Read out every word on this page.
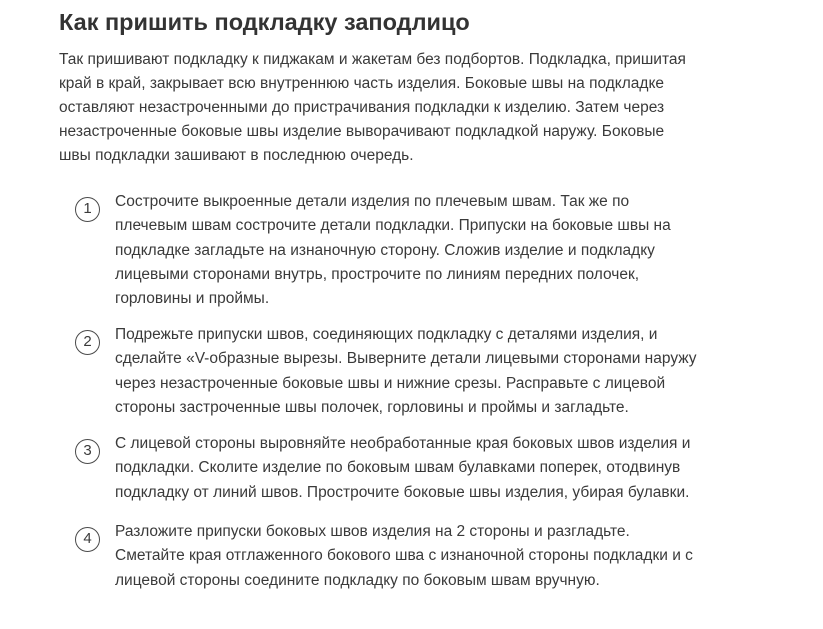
Как пришить подкладку заподлицо

Так пришивают подкладку к пиджакам и жакетам без подбортов. Подкладка, пришитая
край в край, закрывает всю внутреннюю часть изделия. Боковые швы на подкладке
оставляют незастроченными до пристрачивания подкладки к изделию. Затем через
незастроченные боковые швы изделие выворачивают подкладкой наружу. Боковые
швы подкладки зашивают в последнюю очередь.

1	Сострочите выкроенные детали изделия по плечевым швам. Так же по
плечевым швам сострочите детали подкладки. Припуски на боковые швы на
подкладке загладьте на изнаночную сторону. Сложив изделие и подкладку
лицевыми сторонами внутрь, прострочите по линиям передних полочек,
горловины и проймы.

2	Подрежьте припуски швов, соединяющих подкладку с деталями изделия, и
сделайте «V-образные вырезы. Выверните детали лицевыми сторонами наружу
через незастроченные боковые швы и нижние срезы. Расправьте с лицевой
стороны застроченные швы полочек, горловины и проймы и загладьте.

3	С лицевой стороны выровняйте необработанные края боковых швов изделия и
подкладки. Сколите изделие по боковым швам булавками поперек, отодвинув
подкладку от линий швов. Прострочите боковые швы изделия, убирая булавки.

4	Разложите припуски боковых швов изделия на 2 стороны и разгладьте.
Сметайте края отглаженного бокового шва с изнаночной стороны подкладки и с
лицевой стороны соедините подкладку по боковым швам вручную.
